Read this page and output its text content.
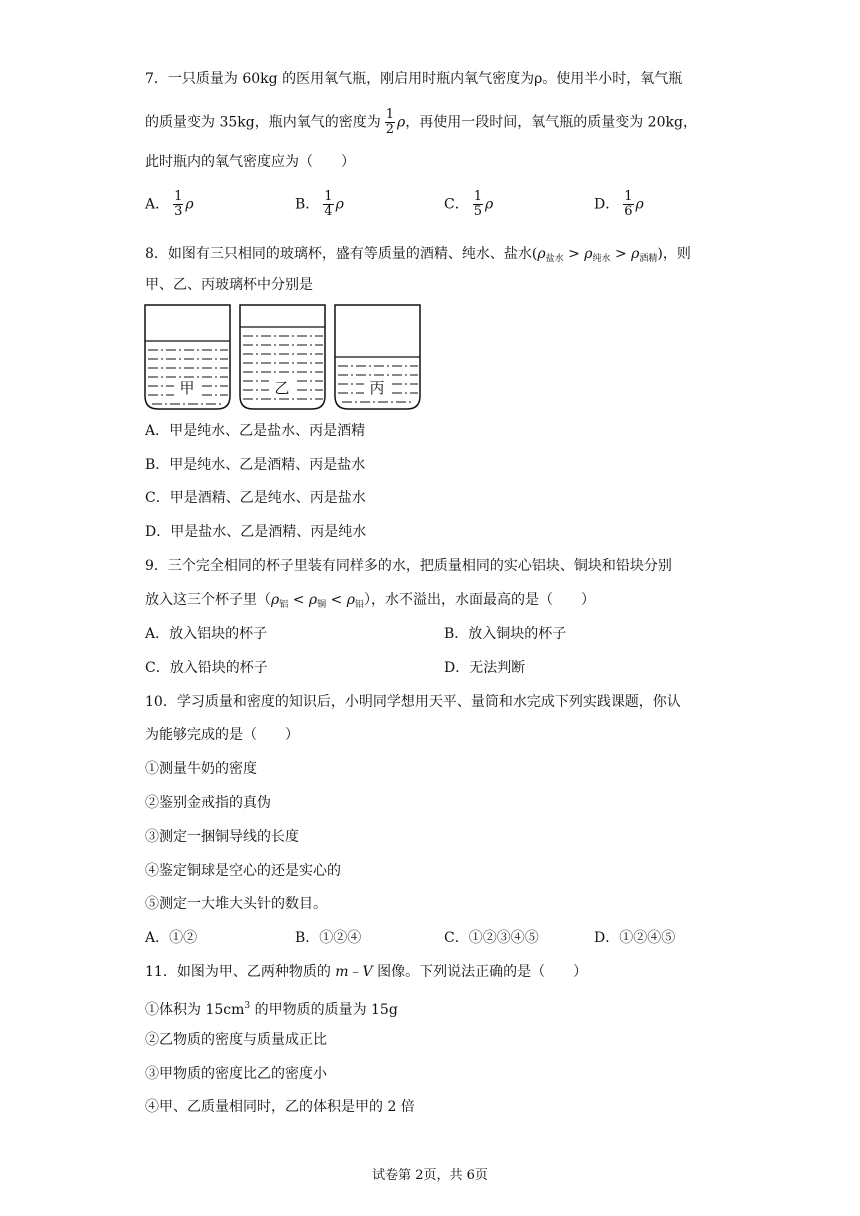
7．一只质量为 60kg 的医用氧气瓶，刚启用时瓶内氧气密度为ρ。使用半小时，氧气瓶
的质量变为 35kg，瓶内氧气的密度为 $\frac{1}{2}$ ρ，再使用一段时间，氧气瓶的质量变为 20kg，
此时瓶内的氧气密度应为（　　）
A． $\frac{1}{3}$ ρ	B． $\frac{1}{4}$ ρ	C． $\frac{1}{5}$ ρ	D． $\frac{1}{6}$ ρ
8．如图有三只相同的玻璃杯，盛有等质量的酒精、纯水、盐水$(\rho_{盐水} > \rho_{纯水} > \rho_{酒精})$，则
甲、乙、丙玻璃杯中分别是
甲	乙	丙
A．甲是纯水、乙是盐水、丙是酒精
B．甲是纯水、乙是酒精、丙是盐水
C．甲是酒精、乙是纯水、丙是盐水
D．甲是盐水、乙是酒精、丙是纯水
9．三个完全相同的杯子里装有同样多的水，把质量相同的实心铝块、铜块和铅块分别
放入这三个杯子里$(\rho_铝 < \rho_铜 < \rho_铅)$，水不溢出，水面最高的是（　　）
A．放入铝块的杯子	B．放入铜块的杯子
C．放入铅块的杯子	D．无法判断
10．学习质量和密度的知识后，小明同学想用天平、量筒和水完成下列实践课题，你认
为能够完成的是（　　）
①测量牛奶的密度
②鉴别金戒指的真伪
③测定一捆铜导线的长度
④鉴定铜球是空心的还是实心的
⑤测定一大堆大头针的数目。
A．①②	B．①②④	C．①②③④⑤	D．①②④⑤
11．如图为甲、乙两种物质的 m﹣V 图像。下列说法正确的是（　　）
①体积为 $15cm^3$ 的甲物质的质量为 15g
②乙物质的密度与质量成正比
③甲物质的密度比乙的密度小
④甲、乙质量相同时，乙的体积是甲的 2 倍
试卷第 2页，共 6页
